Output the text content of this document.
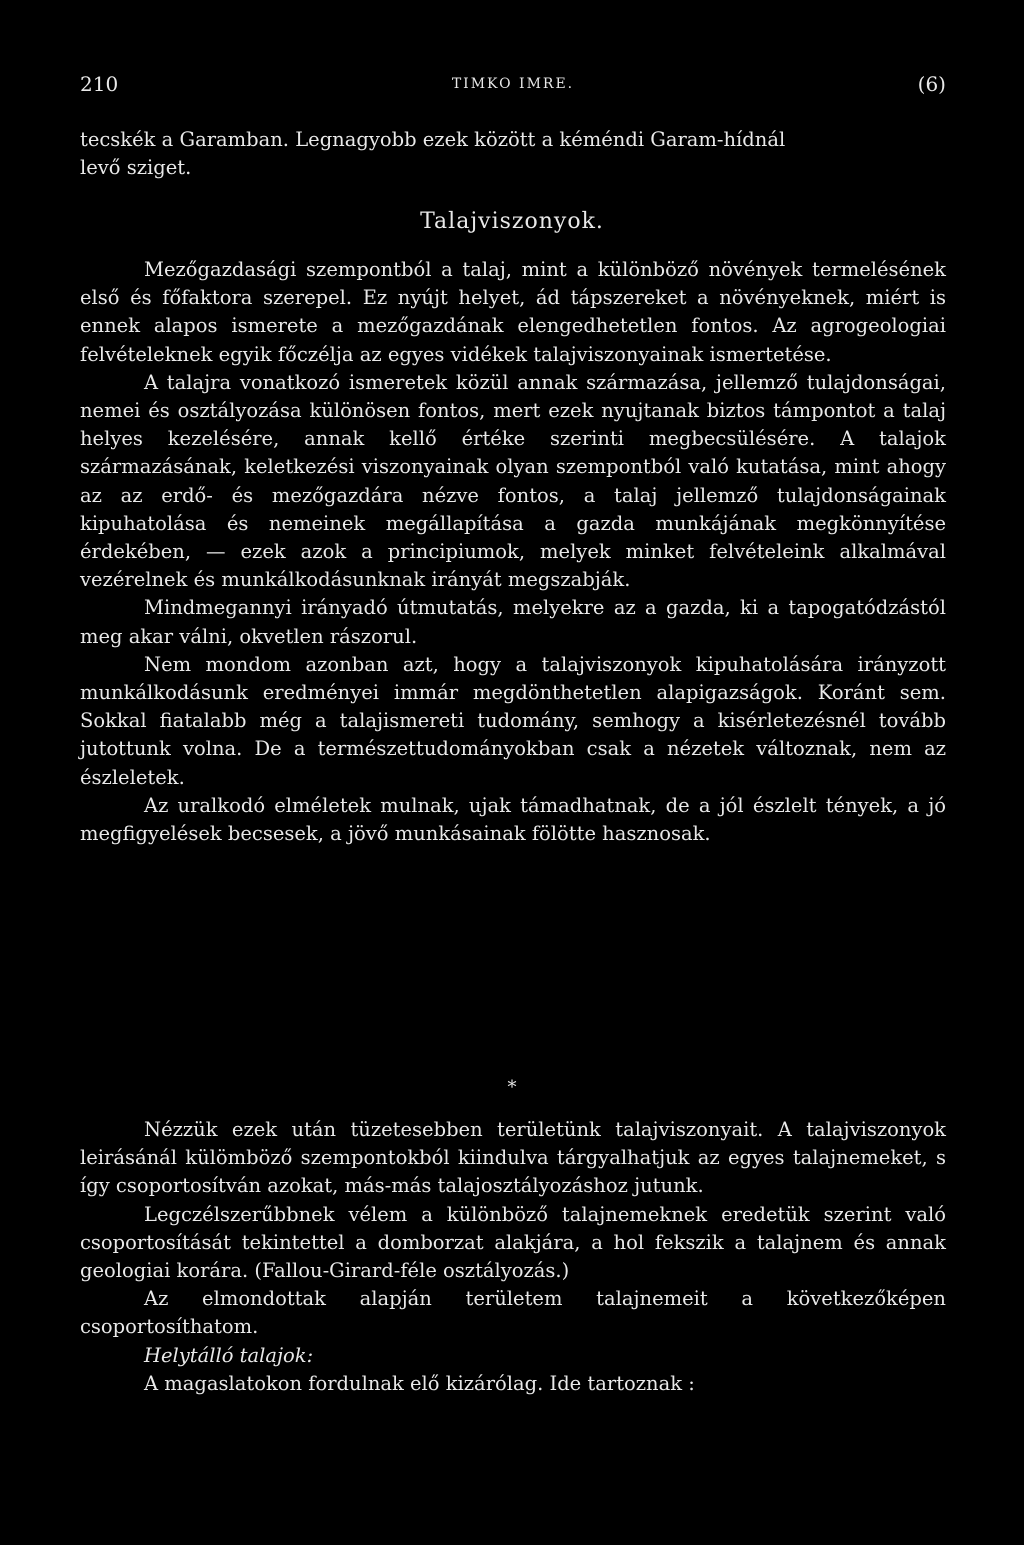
210	TIMKO IMRE.	(6)
tecskék a Garamban. Legnagyobb ezek között a kéméndi Garam-hídnál
levő sziget.
Talajviszonyok.

Mezőgazdasági szempontból a talaj, mint a különböző növények termelésének első és főfaktora szerepel. Ez nyújt helyet, ád tápszereket a növényeknek, miért is ennek alapos ismerete a mezőgazdának elengedhetetlen fontos. Az agrogeologiai felvételeknek egyik főczélja az egyes vidékek talajviszonyainak ismertetése.

A talajra vonatkozó ismeretek közül annak származása, jellemző tulajdonságai, nemei és osztályozása különösen fontos, mert ezek nyujtanak biztos támpontot a talaj helyes kezelésére, annak kellő értéke szerinti megbecsülésére. A talajok származásának, keletkezési viszonyainak olyan szempontból való kutatása, mint ahogy az az erdő- és mezőgazdára nézve fontos, a talaj jellemző tulajdonságainak kipuhatolása és nemeinek megállapítása a gazda munkájának megkönnyítése érdekében, — ezek azok a principiumok, melyek minket felvételeink alkalmával vezérelnek és munkálkodásunknak irányát megszabják.

Mindmegannyi irányadó útmutatás, melyekre az a gazda, ki a tapogatódzástól meg akar válni, okvetlen rászorul.

Nem mondom azonban azt, hogy a talajviszonyok kipuhatolására irányzott munkálkodásunk eredményei immár megdönthetetlen alapigazságok. Koránt sem. Sokkal fiatalabb még a talajismereti tudomány, semhogy a kisérletezésnél tovább jutottunk volna. De a természettudományokban csak a nézetek változnak, nem az észleletek.

Az uralkodó elméletek mulnak, ujak támadhatnak, de a jól észlelt tények, a jó megfigyelések becsesek, a jövő munkásainak fölötte hasznosak.

*

Nézzük ezek után tüzetesebben területünk talajviszonyait. A talajviszonyok leirásánál külömböző szempontokból kiindulva tárgyalhatjuk az egyes talajnemeket, s így csoportosítván azokat, más-más talajosztályozáshoz jutunk.

Legczélszerűbbnek vélem a különböző talajnemeknek eredetük szerint való csoportosítását tekintettel a domborzat alakjára, a hol fekszik a talajnem és annak geologiai korára. (Fallou-Girard-féle osztályozás.)

Az elmondottak alapján területem talajnemeit a következőképen csoportosíthatom.

Helytálló talajok:

A magaslatokon fordulnak elő kizárólag. Ide tartoznak :
